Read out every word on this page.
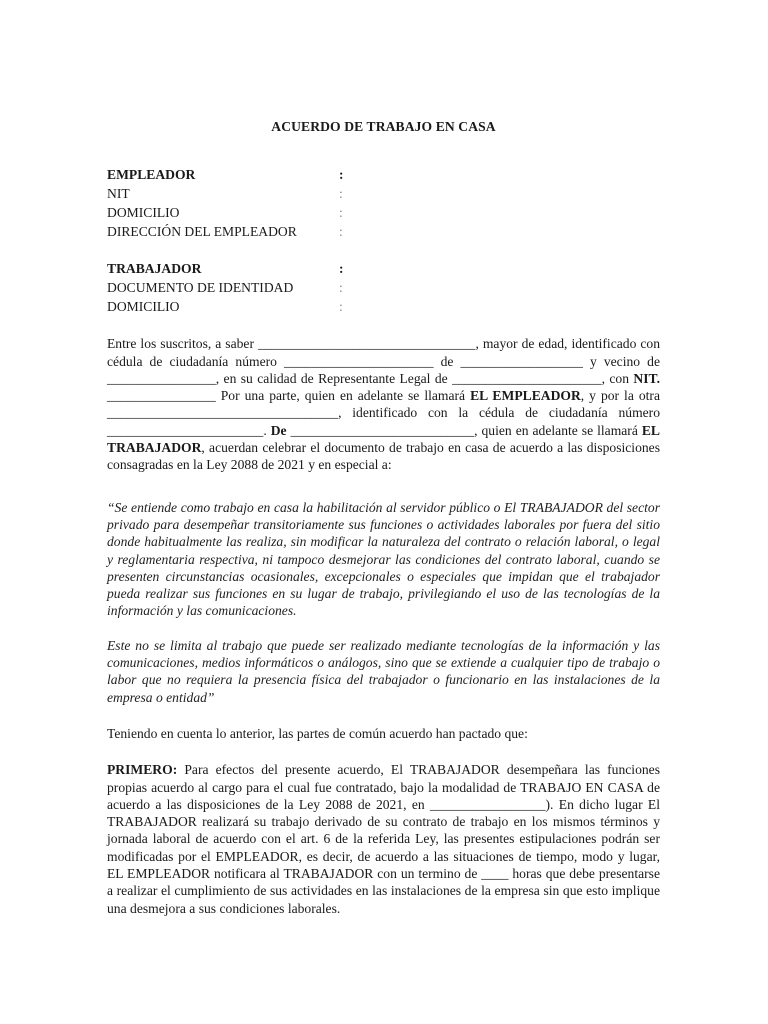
ACUERDO DE TRABAJO EN CASA
EMPLEADOR	:
NIT	:
DOMICILIO	:
DIRECCIÓN DEL EMPLEADOR	:
TRABAJADOR	:
DOCUMENTO DE IDENTIDAD	:
DOMICILIO	:

Entre los suscritos, a saber ________________________________, mayor de edad, identificado con cédula de ciudadanía número ______________________ de __________________ y vecino de ________________, en su calidad de Representante Legal de ______________________, con NIT. ________________ Por una parte, quien en adelante se llamará EL EMPLEADOR, y por la otra __________________________________, identificado con la cédula de ciudadanía número _______________________. De ___________________________, quien en adelante se llamará EL TRABAJADOR, acuerdan celebrar el documento de trabajo en casa de acuerdo a las disposiciones consagradas en la Ley 2088 de 2021 y en especial a:

“Se entiende como trabajo en casa la habilitación al servidor público o El TRABAJADOR del sector privado para desempeñar transitoriamente sus funciones o actividades laborales por fuera del sitio donde habitualmente las realiza, sin modificar la naturaleza del contrato o relación laboral, o legal y reglamentaria respectiva, ni tampoco desmejorar las condiciones del contrato laboral, cuando se presenten circunstancias ocasionales, excepcionales o especiales que impidan que el trabajador pueda realizar sus funciones en su lugar de trabajo, privilegiando el uso de las tecnologías de la información y las comunicaciones.

Este no se limita al trabajo que puede ser realizado mediante tecnologías de la información y las comunicaciones, medios informáticos o análogos, sino que se extiende a cualquier tipo de trabajo o labor que no requiera la presencia física del trabajador o funcionario en las instalaciones de la empresa o entidad”

Teniendo en cuenta lo anterior, las partes de común acuerdo han pactado que:

PRIMERO: Para efectos del presente acuerdo, El TRABAJADOR desempeñara las funciones propias acuerdo al cargo para el cual fue contratado, bajo la modalidad de TRABAJO EN CASA de acuerdo a las disposiciones de la Ley 2088 de 2021, en _________________). En dicho lugar El TRABAJADOR realizará su trabajo derivado de su contrato de trabajo en los mismos términos y jornada laboral de acuerdo con el art. 6 de la referida Ley, las presentes estipulaciones podrán ser modificadas por el EMPLEADOR, es decir, de acuerdo a las situaciones de tiempo, modo y lugar, EL EMPLEADOR notificara al TRABAJADOR con un termino de ____ horas que debe presentarse a realizar el cumplimiento de sus actividades en las instalaciones de la empresa sin que esto implique una desmejora a sus condiciones laborales.
